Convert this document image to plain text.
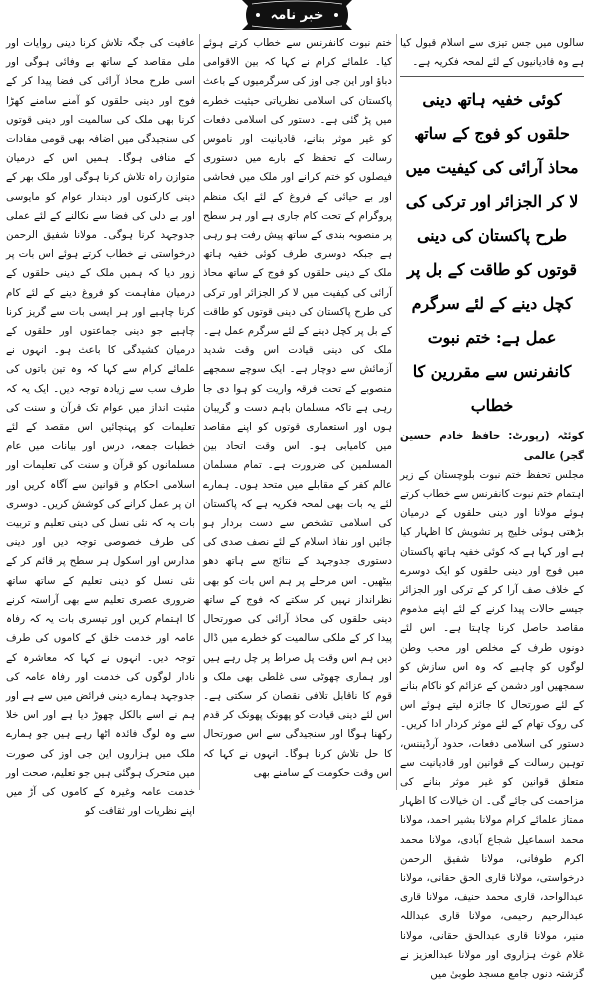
خبر نامہ

سالوں میں جس تیزی سے اسلام قبول کیا ہے وہ قادیانیوں کے لئے لمحہ فکریہ ہے۔

کوئی خفیہ ہاتھ دینی حلقوں کو فوج کے ساتھ محاذ آرائی کی کیفیت میں لا کر الجزائر اور ترکی کی طرح پاکستان کی دینی قوتوں کو طاقت کے بل پر کچل دینے کے لئے سرگرم عمل ہے: ختم نبوت کانفرنس سے مقررین کا خطاب

کوئٹہ (رپورٹ: حافظ خادم حسین گجر) عالمی

مجلس تحفظ ختم نبوت بلوچستان کے زیر اہتمام ختم نبوت کانفرنس سے خطاب کرتے ہوئے مولانا اور دینی حلقوں کے درمیان بڑھتی ہوئی خلیج پر تشویش کا اظہار کیا ہے اور کہا ہے کہ کوئی خفیہ ہاتھ پاکستان میں فوج اور دینی حلقوں کو ایک دوسرے کے خلاف صف آرا کر کے ترکی اور الجزائر جیسے حالات پیدا کرنے کے لئے اپنے مذموم مقاصد حاصل کرنا چاہتا ہے۔ اس لئے دونوں طرف کے مخلص اور محب وطن لوگوں کو چاہیے کہ وہ اس سازش کو سمجھیں اور دشمن کے عزائم کو ناکام بنانے کے لئے صورتحال کا جائزہ لیتے ہوئے اس کی روک تھام کے لئے موثر کردار ادا کریں۔ دستور کی اسلامی دفعات، حدود آرڈیننس، توہین رسالت کے قوانین اور قادیانیت سے متعلق قوانین کو غیر موثر بنانے کی مزاحمت کی جائے گی۔ ان خیالات کا اظہار ممتاز علمائے کرام مولانا بشیر احمد، مولانا محمد اسماعیل شجاع آبادی، مولانا محمد اکرم طوفانی، مولانا شفیق الرحمن درخواستی، مولانا قاری الحق حقانی، مولانا عبدالواحد، قاری محمد حنیف، مولانا قاری عبدالرحیم رحیمی، مولانا قاری عبداللہ منیر، مولانا قاری عبدالحق حقانی، مولانا غلام غوث ہزاروی اور مولانا عبدالعزیز نے گزشتہ دنوں جامع مسجد طوبیٰ میں

ختم نبوت کانفرنس سے خطاب کرتے ہوئے کیا۔ علمائے کرام نے کہا کہ بین الاقوامی دباؤ اور این جی اوز کی سرگرمیوں کے باعث پاکستان کی اسلامی نظریاتی حیثیت خطرے میں پڑ گئی ہے۔ دستور کی اسلامی دفعات کو غیر موثر بنانے، قادیانیت اور ناموس رسالت کے تحفظ کے بارے میں دستوری فیصلوں کو ختم کرانے اور ملک میں فحاشی اور بے حیائی کے فروغ کے لئے ایک منظم پروگرام کے تحت کام جاری ہے اور ہر سطح پر منصوبہ بندی کے ساتھ پیش رفت ہو رہی ہے جبکہ دوسری طرف کوئی خفیہ ہاتھ ملک کے دینی حلقوں کو فوج کے ساتھ محاذ آرائی کی کیفیت میں لا کر الجزائر اور ترکی کی طرح پاکستان کی دینی قوتوں کو طاقت کے بل پر کچل دینے کے لئے سرگرم عمل ہے۔ ملک کی دینی قیادت اس وقت شدید آزمائش سے دوچار ہے۔ ایک سوچے سمجھے منصوبے کے تحت فرقہ واریت کو ہوا دی جا رہی ہے تاکہ مسلمان باہم دست و گریبان ہوں اور استعماری قوتوں کو اپنے مقاصد میں کامیابی ہو۔ اس وقت اتحاد بین المسلمین کی ضرورت ہے۔ تمام مسلمان عالم کفر کے مقابلے میں متحد ہوں۔ ہمارے لئے یہ بات بھی لمحہ فکریہ ہے کہ پاکستان کی اسلامی تشخص سے دست بردار ہو جائیں اور نفاذ اسلام کے لئے نصف صدی کی دستوری جدوجہد کے نتائج سے ہاتھ دھو بیٹھیں۔ اس مرحلے پر ہم اس بات کو بھی نظرانداز نہیں کر سکتے کہ فوج کے ساتھ دینی حلقوں کی محاذ آرائی کی صورتحال پیدا کر کے ملکی سالمیت کو خطرے میں ڈال دیں ہم اس وقت پل صراط پر چل رہے ہیں اور ہماری چھوٹی سی غلطی بھی ملک و قوم کا ناقابل تلافی نقصان کر سکتی ہے۔ اس لئے دینی قیادت کو پھونک پھونک کر قدم رکھنا ہوگا اور سنجیدگی سے اس صورتحال کا حل تلاش کرنا ہوگا۔ انہوں نے کہا کہ اس وقت حکومت کے سامنے بھی

عافیت کی جگہ تلاش کرنا دینی روایات اور ملی مقاصد کے ساتھ بے وفائی ہوگی اور اسی طرح محاذ آرائی کی فضا پیدا کر کے فوج اور دینی حلقوں کو آمنے سامنے کھڑا کرنا بھی ملک کی سالمیت اور دینی قوتوں کی سنجیدگی میں اضافہ بھی قومی مفادات کے منافی ہوگا۔ ہمیں اس کے درمیان متوازن راہ تلاش کرنا ہوگی اور ملک بھر کے دینی کارکنوں اور دیندار عوام کو مایوسی اور بے دلی کی فضا سے نکالنے کے لئے عملی جدوجہد کرنا ہوگی۔ مولانا شفیق الرحمن درخواستی نے خطاب کرتے ہوئے اس بات پر زور دیا کہ ہمیں ملک کے دینی حلقوں کے درمیان مفاہمت کو فروغ دینے کے لئے کام کرنا چاہیے اور ہر ایسی بات سے گریز کرنا چاہیے جو دینی جماعتوں اور حلقوں کے درمیان کشیدگی کا باعث ہو۔ انہوں نے علمائے کرام سے کہا کہ وہ تین باتوں کی طرف سب سے زیادہ توجہ دیں۔ ایک یہ کہ مثبت انداز میں عوام تک قرآن و سنت کی تعلیمات کو پہنچائیں اس مقصد کے لئے خطبات جمعہ، درس اور بیانات میں عام مسلمانوں کو قرآن و سنت کی تعلیمات اور اسلامی احکام و قوانین سے آگاہ کریں اور ان پر عمل کرانے کی کوشش کریں۔ دوسری بات یہ کہ نئی نسل کی دینی تعلیم و تربیت کی طرف خصوصی توجہ دیں اور دینی مدارس اور اسکول ہر سطح پر قائم کر کے نئی نسل کو دینی تعلیم کے ساتھ ساتھ ضروری عصری تعلیم سے بھی آراستہ کرنے کا اہتمام کریں اور تیسری بات یہ کہ رفاہ عامہ اور خدمت خلق کے کاموں کی طرف توجہ دیں۔ انہوں نے کہا کہ معاشرہ کے نادار لوگوں کی خدمت اور رفاہ عامہ کی جدوجہد ہمارے دینی فرائض میں سے ہے اور ہم نے اسے بالکل چھوڑ دیا ہے اور اس خلا سے وہ لوگ فائدہ اٹھا رہے ہیں جو ہمارے ملک میں ہزاروں این جی اوز کی صورت میں متحرک ہوگئی ہیں جو تعلیم، صحت اور خدمت عامہ وغیرہ کے کاموں کی آڑ میں اپنے نظریات اور ثقافت کو
